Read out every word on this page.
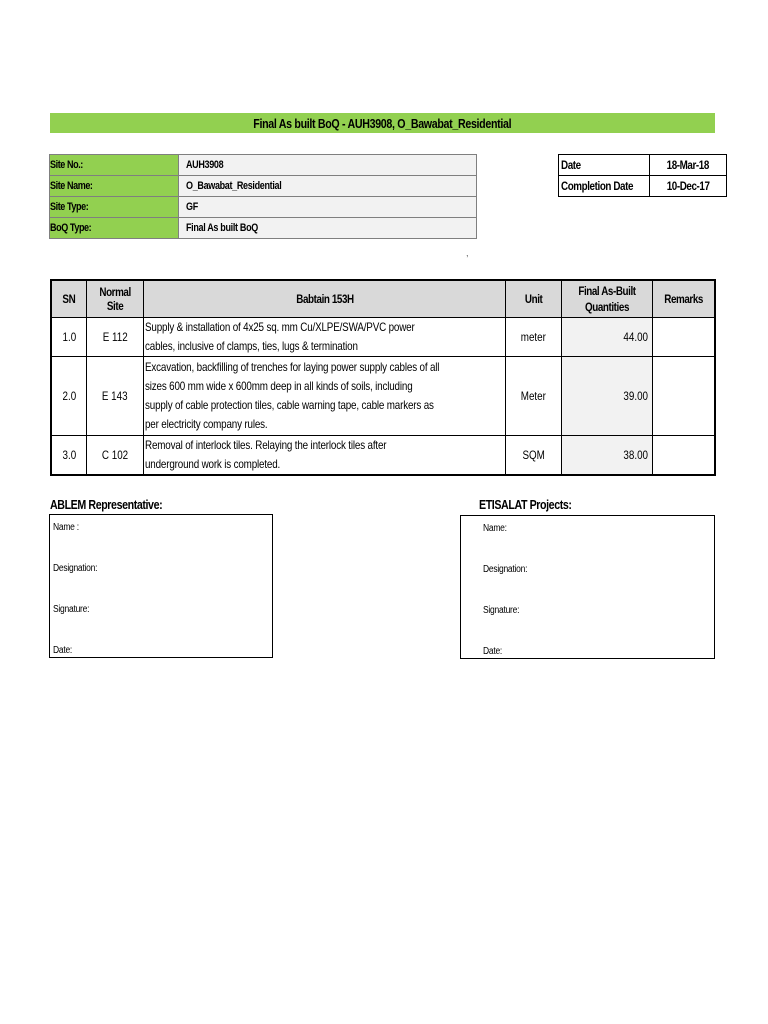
Final As built BoQ - AUH3908, O_Bawabat_Residential
Site No.:	AUH3908
Site Name:	O_Bawabat_Residential
Site Type:	GF
BoQ Type:	Final As built BoQ
Date	18-Mar-18
Completion Date	10-Dec-17
,
SN	Normal Site	Babtain 153H	Unit	Final As-Built Quantities	Remarks
1.0	E 112	Supply & installation of 4x25 sq. mm Cu/XLPE/SWA/PVC power cables, inclusive of clamps, ties, lugs & termination	meter	44.00	
2.0	E 143	Excavation, backfilling of trenches for laying power supply cables of all sizes 600 mm wide x 600mm deep in all kinds of soils, including supply of cable protection tiles, cable warning tape, cable markers as per electricity company rules.	Meter	39.00	
3.0	C 102	Removal of interlock tiles. Relaying the interlock tiles after underground work is completed.	SQM	38.00	
ABLEM Representative:
Name :
Designation:
Signature:
Date:
ETISALAT Projects:
Name:
Designation:
Signature:
Date:
